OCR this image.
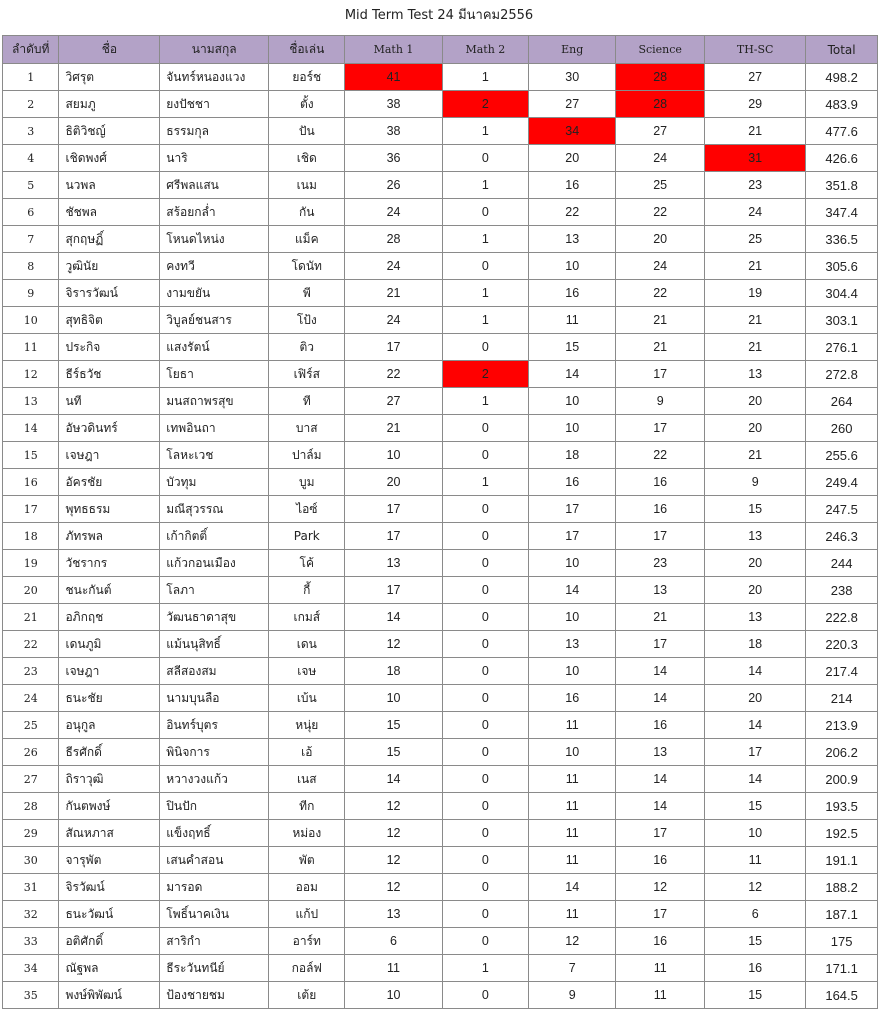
Mid Term Test 24 มีนาคม2556
ลำดับที่	ชื่อ	นามสกุล	ชื่อเล่น	Math 1	Math 2	Eng	Science	TH-SC	Total
1	วิศรุต	จันทร์หนองแวง	ยอร์ช	41	1	30	28	27	498.2
2	สยมภู	ยงปัชชา	ตั้ง	38	2	27	28	29	483.9
3	ธิติวิชญ์	ธรรมกุล	ปัน	38	1	34	27	21	477.6
4	เชิดพงศ์	นาริ	เชิด	36	0	20	24	31	426.6
5	นวพล	ศรีพลแสน	เนม	26	1	16	25	23	351.8
6	ชัชพล	สร้อยกล่ำ	กัน	24	0	22	22	24	347.4
7	สุกฤษฏิ์	โหนดไหน่ง	แม็ค	28	1	13	20	25	336.5
8	วูฒินัย	คงทวี	โดนัท	24	0	10	24	21	305.6
9	จิรารวัฒน์	งามขยัน	พี	21	1	16	22	19	304.4
10	สุทธิจิต	วิบูลย์ชนสาร	โป้ง	24	1	11	21	21	303.1
11	ประกิจ	แสงรัตน์	ติว	17	0	15	21	21	276.1
12	ธีร์ธวัช	โยธา	เฟิร์ส	22	2	14	17	13	272.8
13	นที	มนสถาพรสุข	ที	27	1	10	9	20	264
14	อัษวดินทร์	เทพอินถา	บาส	21	0	10	17	20	260
15	เจษฎา	โลหะเวช	ปาล์ม	10	0	18	22	21	255.6
16	อัครชัย	บัวทุม	บูม	20	1	16	16	9	249.4
17	พุทธธรม	มณีสุวรรณ	ไอซ์	17	0	17	16	15	247.5
18	ภัทรพล	เก้ากิตติ์	Park	17	0	17	17	13	246.3
19	วัชรากร	แก้วกอนเมือง	โค้	13	0	10	23	20	244
20	ชนะกันต์	โลภา	กี้	17	0	14	13	20	238
21	อภิกฤช	วัฒนธาดาสุข	เกมส์	14	0	10	21	13	222.8
22	เดนภูมิ	แม้นนุสิทธิ์	เดน	12	0	13	17	18	220.3
23	เจษฎา	สลีสองสม	เจษ	18	0	10	14	14	217.4
24	ธนะชัย	นามบุนลือ	เบ้น	10	0	16	14	20	214
25	อนุกูล	อินทร์บุตร	หนุ่ย	15	0	11	16	14	213.9
26	ธีรศักดิ์	พินิจการ	เอ้	15	0	10	13	17	206.2
27	ถิราวุฒิ	หวางวงแก้ว	เนส	14	0	11	14	14	200.9
28	กันตพงษ์	ปินปัก	ทีก	12	0	11	14	15	193.5
29	สัณหภาส	แข็งฤทธิ์	หม่อง	12	0	11	17	10	192.5
30	จารุพัต	เสนคำสอน	พัต	12	0	11	16	11	191.1
31	จิรวัฒน์	มารอด	ออม	12	0	14	12	12	188.2
32	ธนะวัฒน์	โพธิ์นาคเงิน	แก้ป	13	0	11	17	6	187.1
33	อติศักดิ์	สาริกำ	อาร์ท	6	0	12	16	15	175
34	ณัฐพล	ธีระวันทนีย์	กอล์ฟ	11	1	7	11	16	171.1
35	พงษ์พิพัฒน์	ป้องชายชม	เต้ย	10	0	9	11	15	164.5
